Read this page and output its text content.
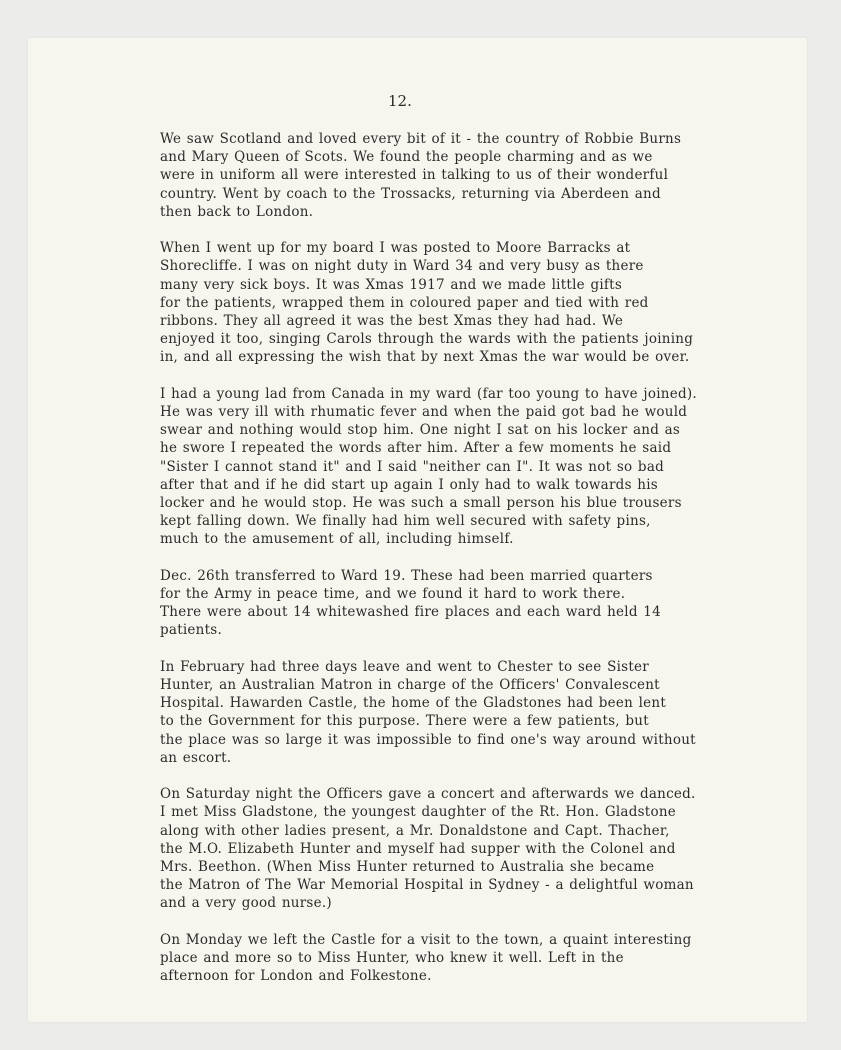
12.
We saw Scotland and loved every bit of it - the country of Robbie Burns
and Mary Queen of Scots. We found the people charming and as we
were in uniform all were interested in talking to us of their wonderful
country. Went by coach to the Trossacks, returning via Aberdeen and
then back to London.
When I went up for my board I was posted to Moore Barracks at
Shorecliffe. I was on night duty in Ward 34 and very busy as there
many very sick boys. It was Xmas 1917 and we made little gifts
for the patients, wrapped them in coloured paper and tied with red
ribbons. They all agreed it was the best Xmas they had had. We
enjoyed it too, singing Carols through the wards with the patients joining
in, and all expressing the wish that by next Xmas the war would be over.
I had a young lad from Canada in my ward (far too young to have joined).
He was very ill with rhumatic fever and when the paid got bad he would
swear and nothing would stop him. One night I sat on his locker and as
he swore I repeated the words after him. After a few moments he said
"Sister I cannot stand it" and I said "neither can I". It was not so bad
after that and if he did start up again I only had to walk towards his
locker and he would stop. He was such a small person his blue trousers
kept falling down. We finally had him well secured with safety pins,
much to the amusement of all, including himself.
Dec. 26th transferred to Ward 19. These had been married quarters
for the Army in peace time, and we found it hard to work there.
There were about 14 whitewashed fire places and each ward held 14
patients.
In February had three days leave and went to Chester to see Sister
Hunter, an Australian Matron in charge of the Officers' Convalescent
Hospital. Hawarden Castle, the home of the Gladstones had been lent
to the Government for this purpose. There were a few patients, but
the place was so large it was impossible to find one's way around without
an escort.
On Saturday night the Officers gave a concert and afterwards we danced.
I met Miss Gladstone, the youngest daughter of the Rt. Hon. Gladstone
along with other ladies present, a Mr. Donaldstone and Capt. Thacher,
the M.O. Elizabeth Hunter and myself had supper with the Colonel and
Mrs. Beethon. (When Miss Hunter returned to Australia she became
the Matron of The War Memorial Hospital in Sydney - a delightful woman
and a very good nurse.)
On Monday we left the Castle for a visit to the town, a quaint interesting
place and more so to Miss Hunter, who knew it well. Left in the
afternoon for London and Folkestone.
